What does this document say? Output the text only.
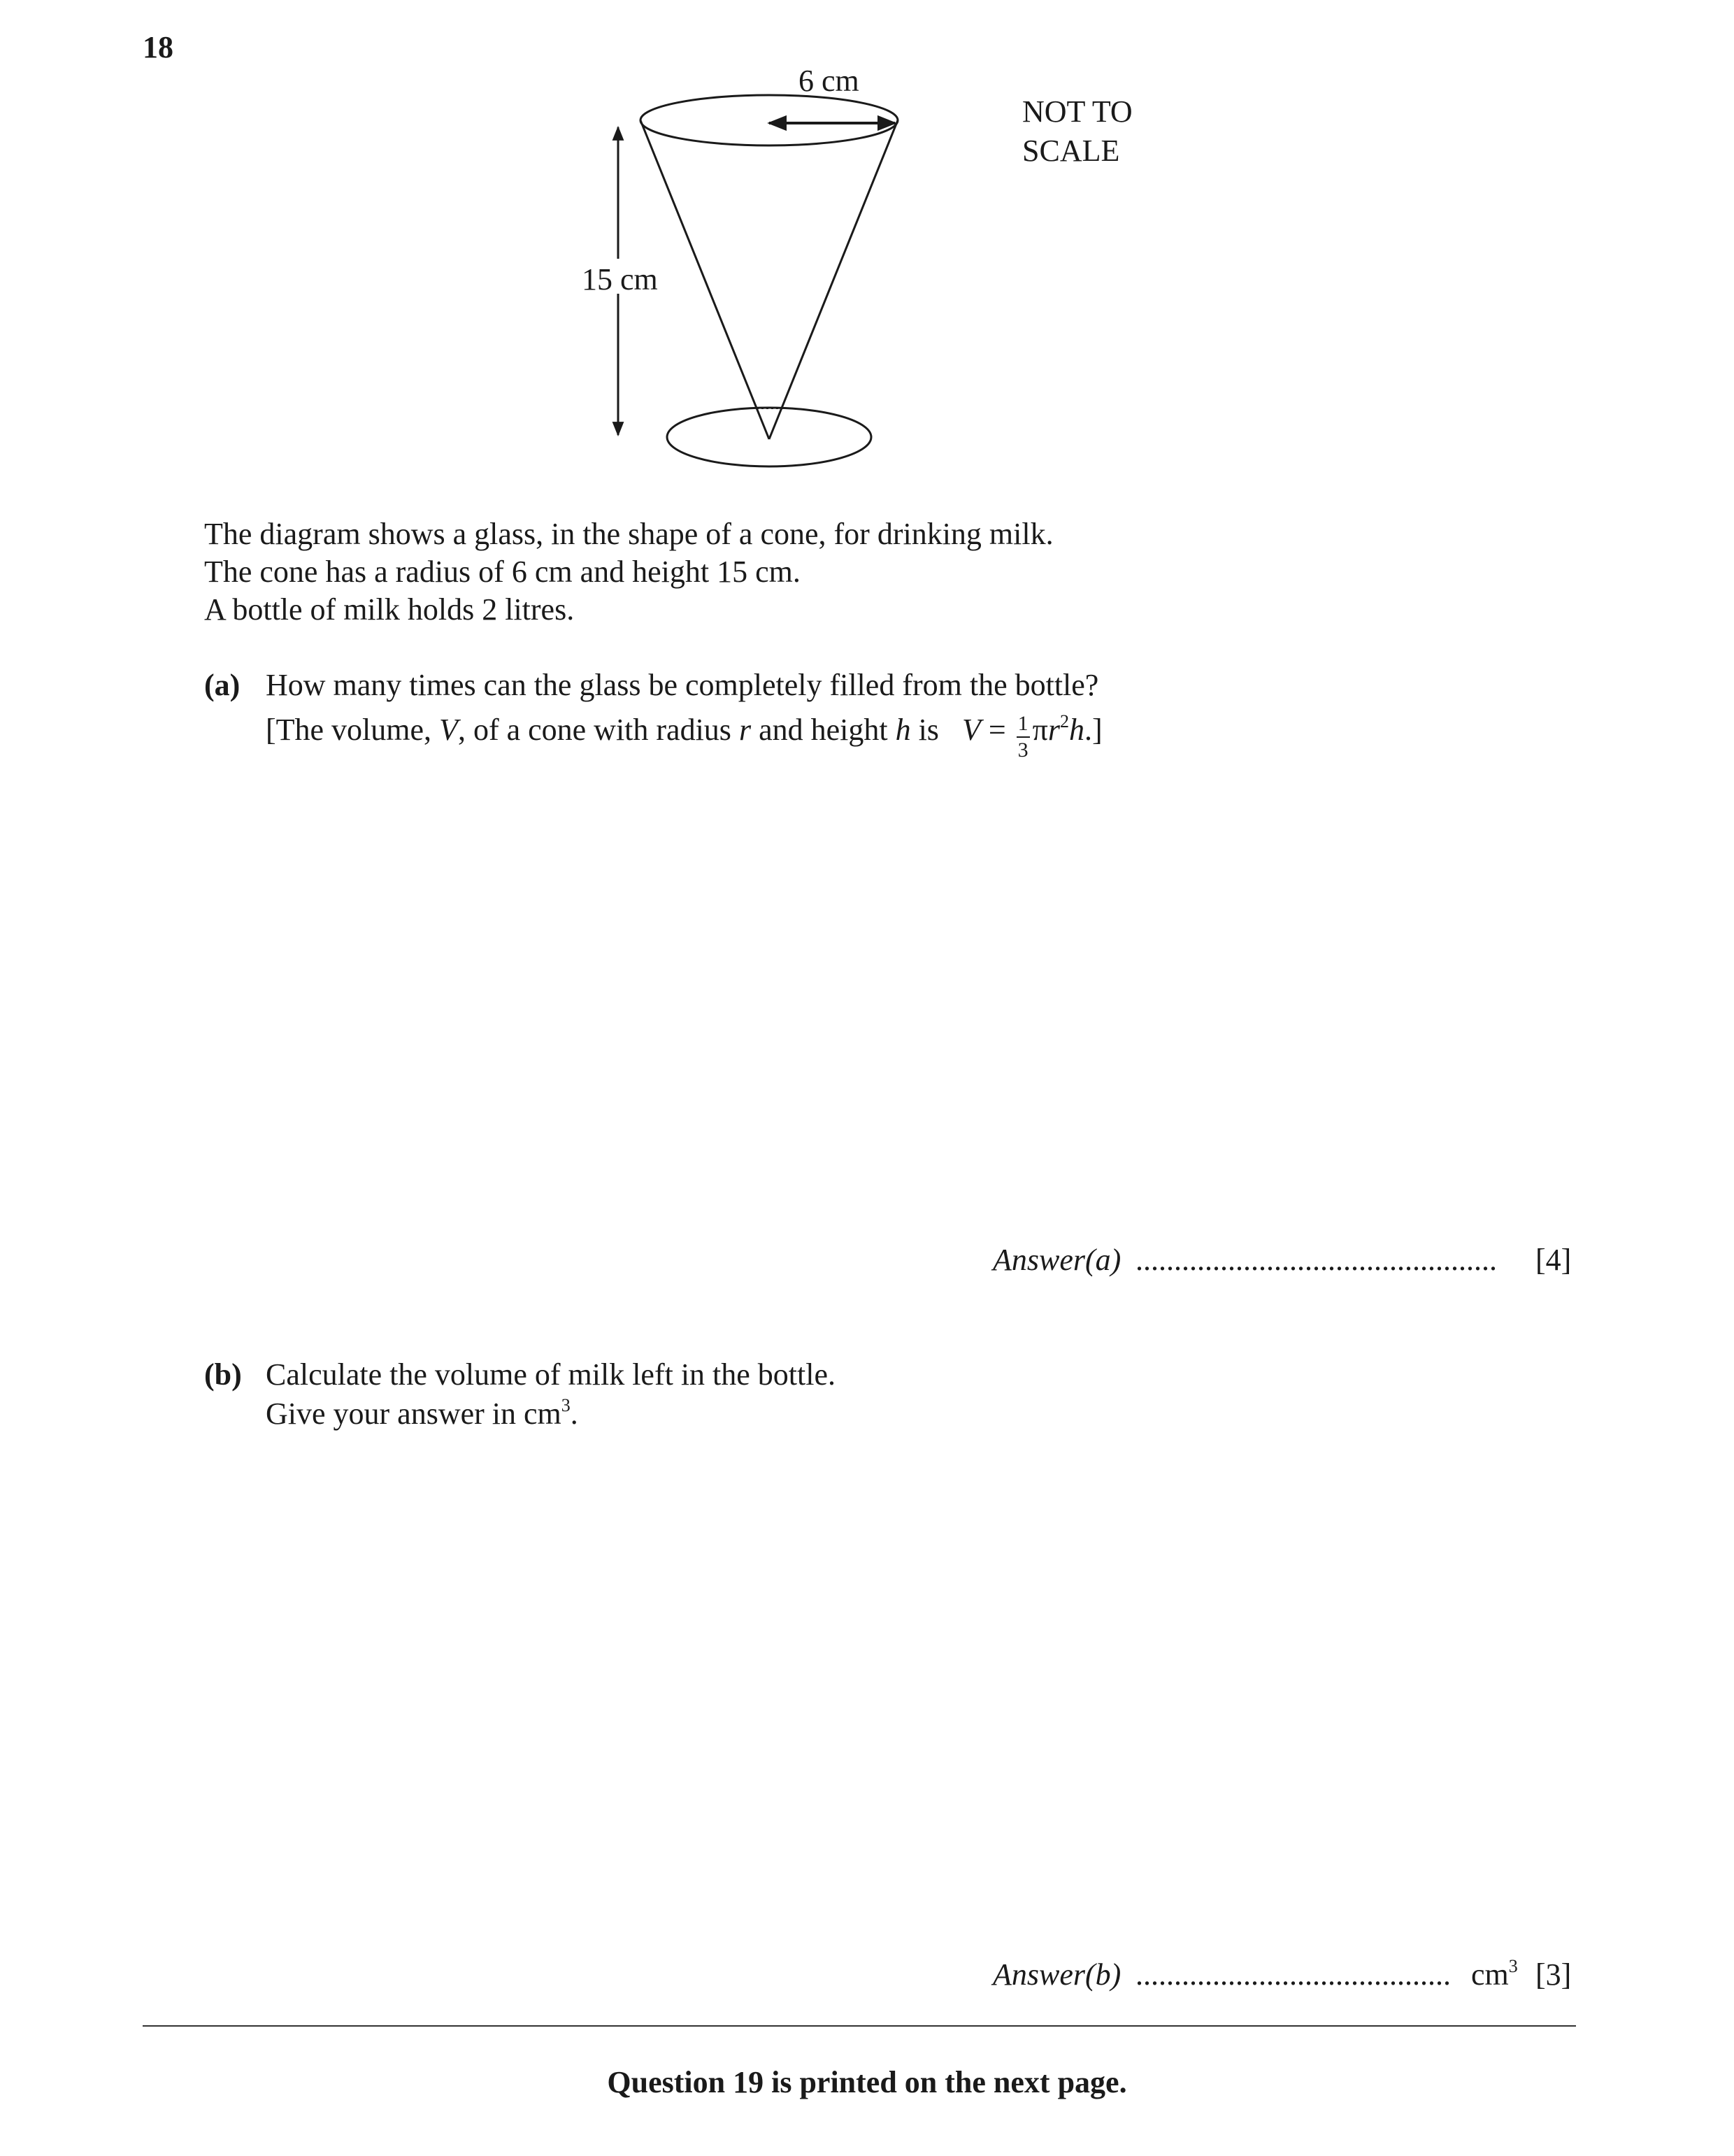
18
6 cm
15 cm
NOT TO
SCALE
The diagram shows a glass, in the shape of a cone, for drinking milk.
The cone has a radius of 6 cm and height 15 cm.
A bottle of milk holds 2 litres.
(a) How many times can the glass be completely filled from the bottle?
[The volume, V, of a cone with radius r and height h is $V = \frac{1}{3} \pi r^2h$.]
Answer(a) ............................................... [4]
(b) Calculate the volume of milk left in the bottle.
Give your answer in $cm^3$.
Answer(b) ......................................... $cm^3$ [3]
Question 19 is printed on the next page.
